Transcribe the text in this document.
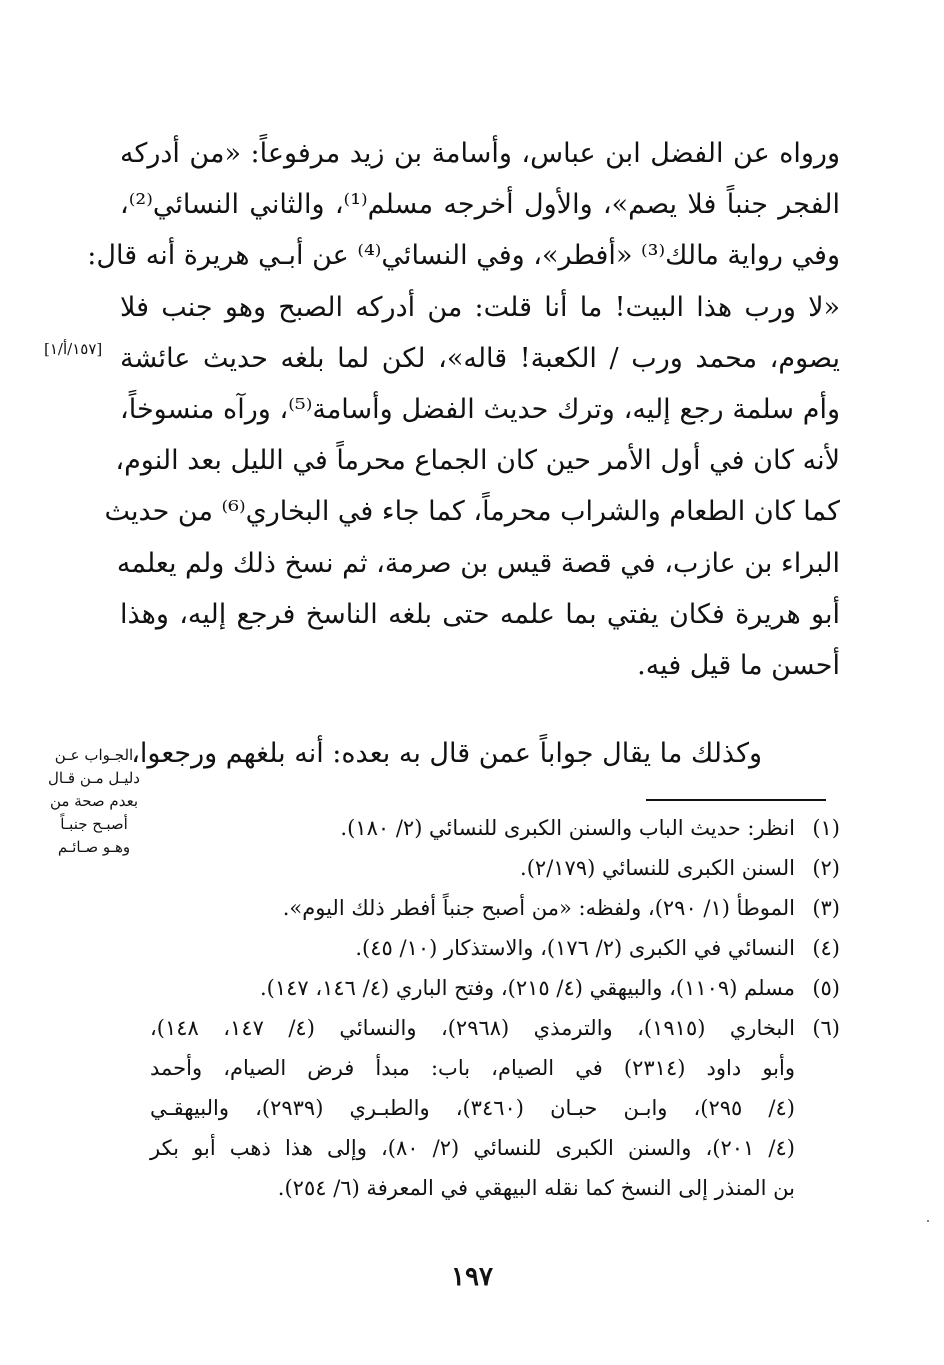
ورواه عن الفضل ابن عباس، وأسامة بن زيد مرفوعاً: «من أدركه
الفجر جنباً فلا يصم»، والأول أخرجه مسلم⁽¹⁾، والثاني النسائي⁽²⁾،
وفي رواية مالك⁽³⁾ «أفطر»، وفي النسائي⁽⁴⁾ عن أبـي هريرة أنه قال:
«لا ورب هذا البيت! ما أنا قلت: من أدركه الصبح وهو جنب فلا
يصوم، محمد ورب / الكعبة! قاله»، لكن لما بلغه حديث عائشة
وأم سلمة رجع إليه، وترك حديث الفضل وأسامة⁽⁵⁾، ورآه منسوخاً،
لأنه كان في أول الأمر حين كان الجماع محرماً في الليل بعد النوم،
كما كان الطعام والشراب محرماً، كما جاء في البخاري⁽⁶⁾ من حديث
البراء بن عازب، في قصة قيس بن صرمة، ثم نسخ ذلك ولم يعلمه
أبو هريرة فكان يفتي بما علمه حتى بلغه الناسخ فرجع إليه، وهذا
أحسن ما قيل فيه.
[١٥٧/أ/١]
وكذلك ما يقال جواباً عمن قال به بعده: أنه بلغهم ورجعوا،
الجـواب عـن
دليـل مـن قـال
بعدم صحة من
أصبـح جنبـاً
وهـو صـائـم
(١)
انظر: حديث الباب والسنن الكبرى للنسائي (٢/ ١٨٠).
(٢)
السنن الكبرى للنسائي (٢/١٧٩).
(٣)
الموطأ (١/ ٢٩٠)، ولفظه: «من أصبح جنباً أفطر ذلك اليوم».
(٤)
النسائي في الكبرى (٢/ ١٧٦)، والاستذكار (١٠/ ٤٥).
(٥)
مسلم (١١٠٩)، والبيهقي (٤/ ٢١٥)، وفتح الباري (٤/ ١٤٦، ١٤٧).
(٦)
البخاري (١٩١٥)، والترمذي (٢٩٦٨)، والنسائي (٤/ ١٤٧، ١٤٨)،
وأبو داود (٢٣١٤) في الصيام، باب: مبدأ فرض الصيام، وأحمد
(٤/ ٢٩٥)، وابـن حبـان (٣٤٦٠)، والطبـري (٢٩٣٩)، والبيهقـي
(٤/ ٢٠١)، والسنن الكبرى للنسائي (٢/ ٨٠)، وإلى هذا ذهب أبو بكر
بن المنذر إلى النسخ كما نقله البيهقي في المعرفة (٦/ ٢٥٤).
١٩٧
